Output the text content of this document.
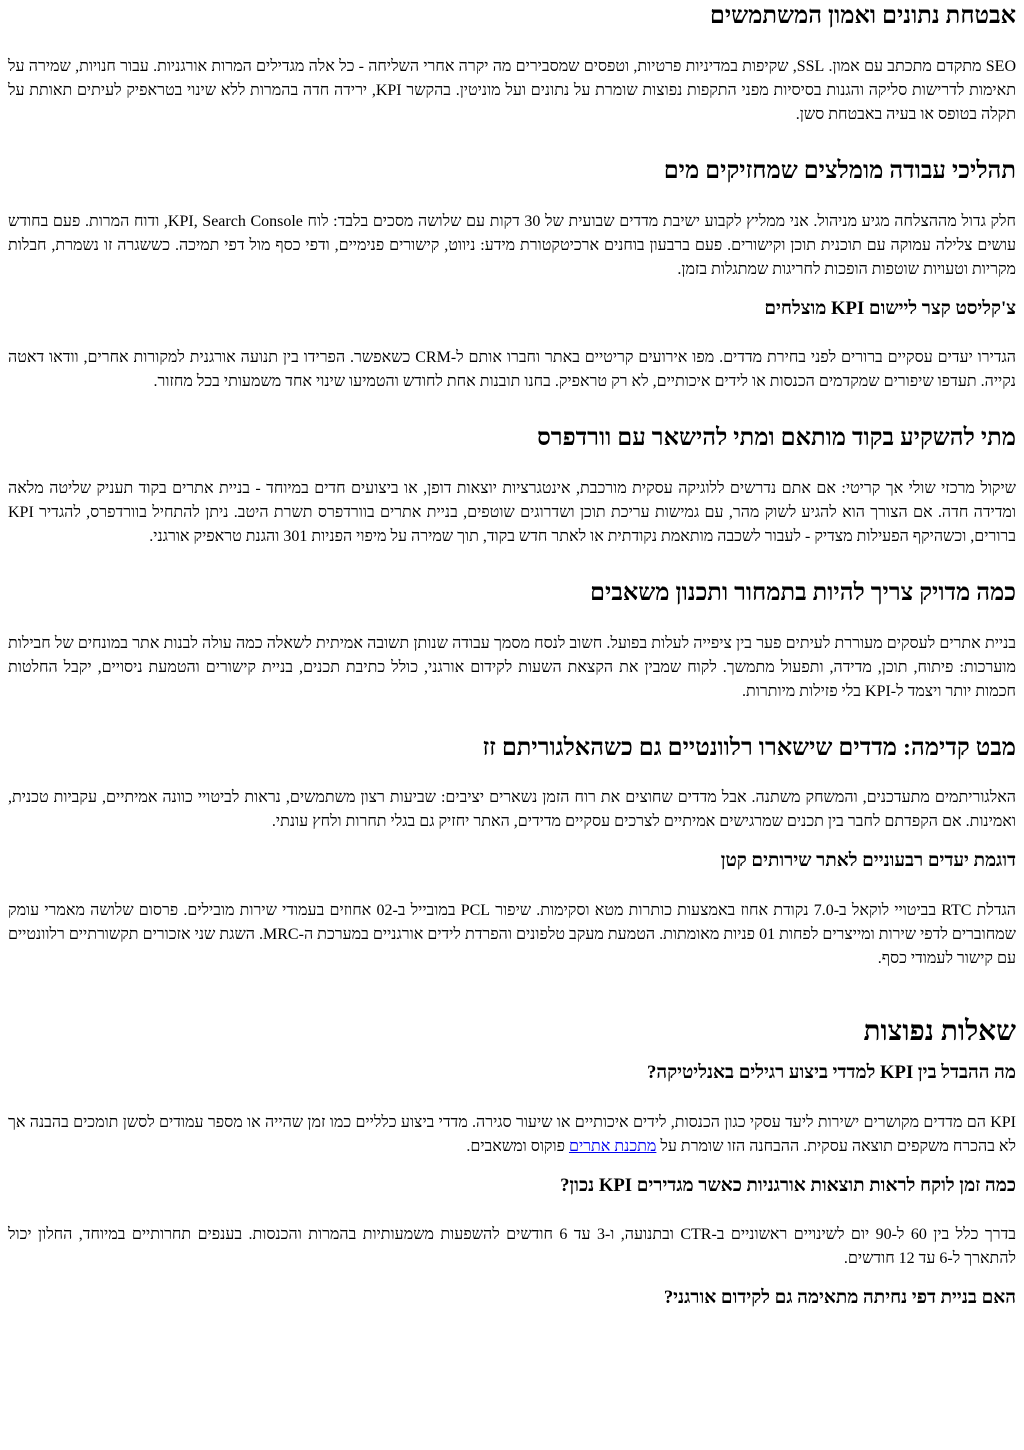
אבטחת נתונים ואמון המשתמשים

SEO מתקדם מתכתב עם אמון. SSL, שקיפות במדיניות פרטיות, וטפסים שמסבירים מה יקרה אחרי השליחה - כל אלה מגדילים המרות אורגניות. עבור חנויות, שמירה על תאימות לדרישות סליקה והגנות בסיסיות מפני התקפות נפוצות שומרת על נתונים ועל מוניטין. בהקשר KPI, ירידה חדה בהמרות ללא שינוי בטראפיק לעיתים תאותת על תקלה בטופס או בעיה באבטחת סשן.

תהליכי עבודה מומלצים שמחזיקים מים

חלק גדול מההצלחה מגיע מניהול. אני ממליץ לקבוע ישיבת מדדים שבועית של 30 דקות עם שלושה מסכים בלבד: לוח KPI, Search Console, ודוח המרות. פעם בחודש עושים צלילה עמוקה עם תוכנית תוכן וקישורים. פעם ברבעון בוחנים ארכיטקטורת מידע: ניווט, קישורים פנימיים, ודפי כסף מול דפי תמיכה. כששגרה זו נשמרת, חבלות מקריות וטעויות שוטפות הופכות לחריגות שמתגלות בזמן.

צ'קליסט קצר ליישום KPI מוצלחים

הגדירו יעדים עסקיים ברורים לפני בחירת מדדים. מפו אירועים קריטיים באתר וחברו אותם ל-CRM כשאפשר. הפרידו בין תנועה אורגנית למקורות אחרים, וודאו דאטה נקייה. תעדפו שיפורים שמקדמים הכנסות או לידים איכותיים, לא רק טראפיק. בחנו תובנות אחת לחודש והטמיעו שינוי אחד משמעותי בכל מחזור.

מתי להשקיע בקוד מותאם ומתי להישאר עם וורדפרס

שיקול מרכזי שולי אך קריטי: אם אתם נדרשים ללוגיקה עסקית מורכבת, אינטגרציות יוצאות דופן, או ביצועים חדים במיוחד - בניית אתרים בקוד תעניק שליטה מלאה ומדידה חדה. אם הצורך הוא להגיע לשוק מהר, עם גמישות עריכת תוכן ושדרוגים שוטפים, בניית אתרים בוורדפרס תשרת היטב. ניתן להתחיל בוורדפרס, להגדיר KPI ברורים, וכשהיקף הפעילות מצדיק - לעבור לשכבה מותאמת נקודתית או לאתר חדש בקוד, תוך שמירה על מיפוי הפניות 301 והגנת טראפיק אורגני.

כמה מדויק צריך להיות בתמחור ותכנון משאבים

בניית אתרים לעסקים מעוררת לעיתים פער בין ציפייה לעלות בפועל. חשוב לנסח מסמך עבודה שנותן תשובה אמיתית לשאלה כמה עולה לבנות אתר במונחים של חבילות מוערכות: פיתוח, תוכן, מדידה, ותפעול מתמשך. לקוח שמבין את הקצאת השעות לקידום אורגני, כולל כתיבת תכנים, בניית קישורים והטמעת ניסויים, יקבל החלטות חכמות יותר ויצמד ל-KPI בלי פזילות מיותרות.

מבט קדימה: מדדים שישארו רלוונטיים גם כשהאלגוריתם זז

האלגוריתמים מתעדכנים, והמשחק משתנה. אבל מדדים שחוצים את רוח הזמן נשארים יציבים: שביעות רצון משתמשים, נראות לביטויי כוונה אמיתיים, עקביות טכנית, ואמינות. אם הקפדתם לחבר בין תכנים שמרגישים אמיתיים לצרכים עסקיים מדידים, האתר יחזיק גם בגלי תחרות ולחץ עונתי.

דוגמת יעדים רבעוניים לאתר שירותים קטן

הגדלת RTC בביטויי לוקאל ב-7.0 נקודת אחוז באמצעות כותרות מטא וסקימות. שיפור PCL במובייל ב-02 אחוזים בעמודי שירות מובילים. פרסום שלושה מאמרי עומק שמחוברים לדפי שירות ומייצרים לפחות 01 פניות מאומתות. הטמעת מעקב טלפונים והפרדת לידים אורגניים במערכת ה-MRC. השגת שני אזכורים תקשורתיים רלוונטיים עם קישור לעמודי כסף.

שאלות נפוצות
מה ההבדל בין KPI למדדי ביצוע רגילים באנליטיקה?

KPI הם מדדים מקושרים ישירות ליעד עסקי כגון הכנסות, לידים איכותיים או שיעור סגירה. מדדי ביצוע כלליים כמו זמן שהייה או מספר עמודים לסשן תומכים בהבנה אך לא בהכרח משקפים תוצאה עסקית. ההבחנה הזו שומרת על מתכנת אתרים פוקוס ומשאבים.

כמה זמן לוקח לראות תוצאות אורגניות כאשר מגדירים KPI נכון?

בדרך כלל בין 60 ל-90 יום לשינויים ראשוניים ב-CTR ובתנועה, ו-3 עד 6 חודשים להשפעות משמעותיות בהמרות והכנסות. בענפים תחרותיים במיוחד, החלון יכול להתארך ל-6 עד 12 חודשים.

האם בניית דפי נחיתה מתאימה גם לקידום אורגני?
